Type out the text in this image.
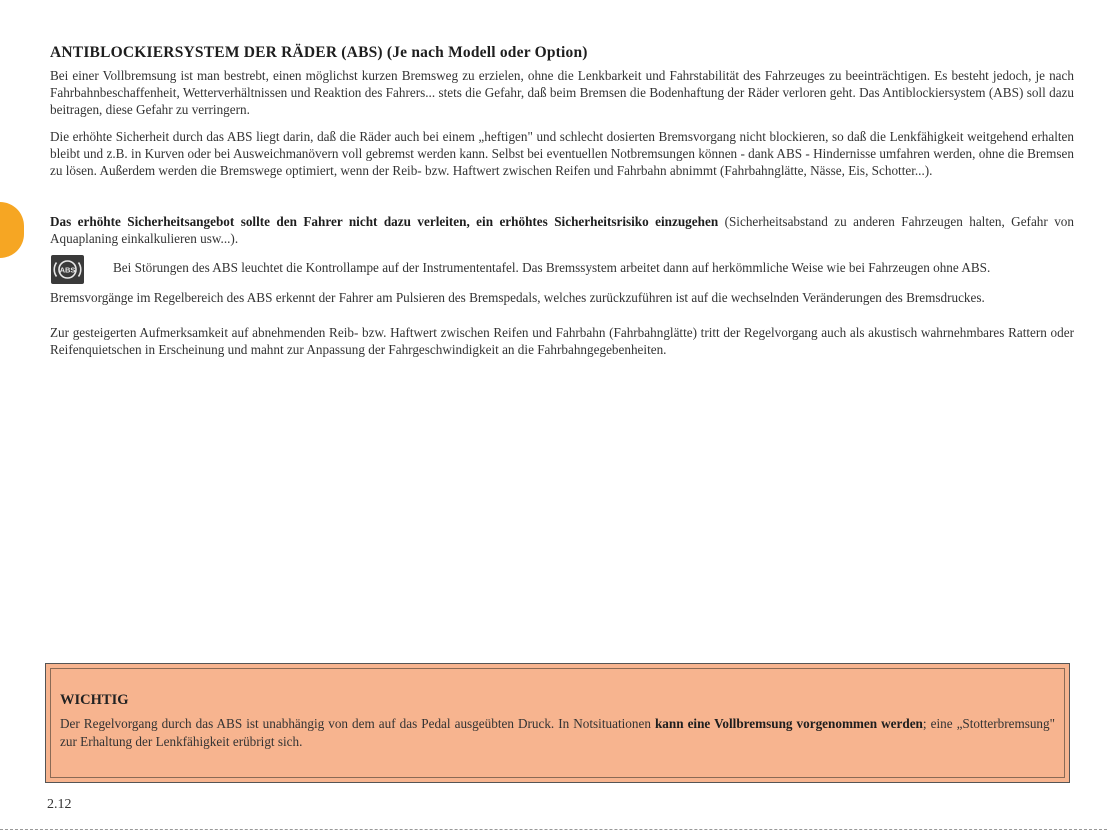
ANTIBLOCKIERSYSTEM DER RÄDER (ABS) (Je nach Modell oder Option)
Bei einer Vollbremsung ist man bestrebt, einen möglichst kurzen Bremsweg zu erzielen, ohne die Lenkbarkeit und Fahrstabilität des Fahrzeuges zu beeinträchtigen. Es besteht jedoch, je nach Fahrbahnbeschaffenheit, Wetterverhältnissen und Reaktion des Fahrers... stets die Gefahr, daß beim Bremsen die Bodenhaftung der Räder verloren geht. Das Antiblockiersystem (ABS) soll dazu beitragen, diese Gefahr zu verringern.
Die erhöhte Sicherheit durch das ABS liegt darin, daß die Räder auch bei einem „heftigen" und schlecht dosierten Bremsvorgang nicht blockieren, so daß die Lenkfähigkeit weitgehend erhalten bleibt und z.B. in Kurven oder bei Ausweichmanövern voll gebremst werden kann. Selbst bei eventuellen Notbremsungen können - dank ABS - Hindernisse umfahren werden, ohne die Bremsen zu lösen. Außerdem werden die Bremswege optimiert, wenn der Reib- bzw. Haftwert zwischen Reifen und Fahrbahn abnimmt (Fahrbahnglätte, Nässe, Eis, Schotter...).
Das erhöhte Sicherheitsangebot sollte den Fahrer nicht dazu verleiten, ein erhöhtes Sicherheitsrisiko einzugehen (Sicherheitsabstand zu anderen Fahrzeugen halten, Gefahr von Aquaplaning einkalkulieren usw...).
ABS	Bei Störungen des ABS leuchtet die Kontrollampe auf der Instrumententafel. Das Bremssystem arbeitet dann auf herkömmliche Weise wie bei Fahrzeugen ohne ABS.
Bremsvorgänge im Regelbereich des ABS erkennt der Fahrer am Pulsieren des Bremspedals, welches zurückzuführen ist auf die wechselnden Veränderungen des Bremsdruckes.
Zur gesteigerten Aufmerksamkeit auf abnehmenden Reib- bzw. Haftwert zwischen Reifen und Fahrbahn (Fahrbahnglätte) tritt der Regelvorgang auch als akustisch wahrnehmbares Rattern oder Reifenquietschen in Erscheinung und mahnt zur Anpassung der Fahrgeschwindigkeit an die Fahrbahngegebenheiten.
WICHTIG
Der Regelvorgang durch das ABS ist unabhängig von dem auf das Pedal ausgeübten Druck. In Notsituationen kann eine Vollbremsung vorgenommen werden; eine „Stotterbremsung" zur Erhaltung der Lenkfähigkeit erübrigt sich.
2.12
